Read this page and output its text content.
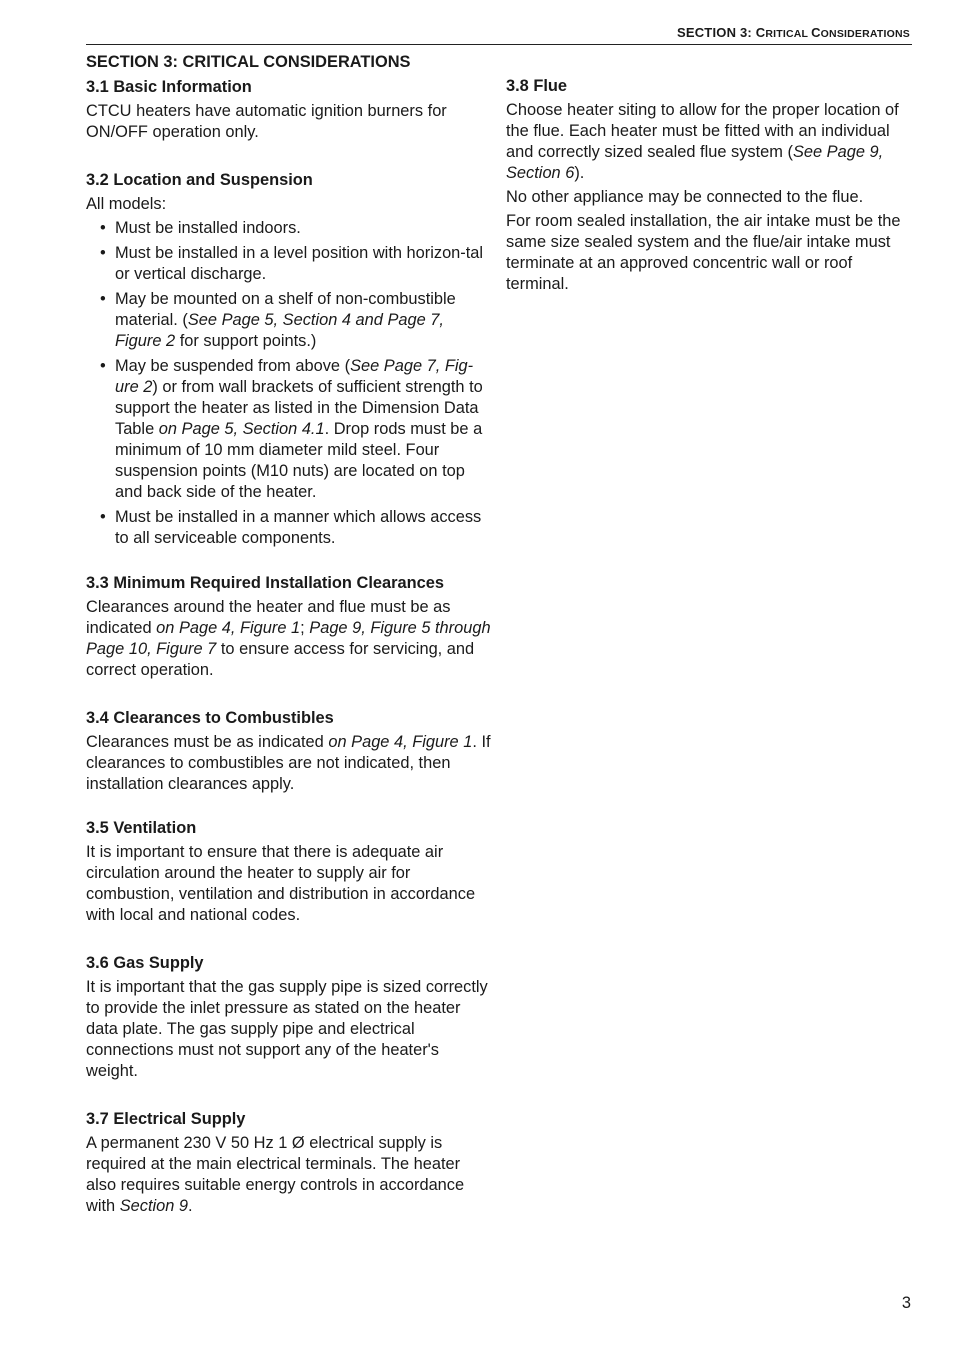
SECTION 3: CRITICAL CONSIDERATIONS
SECTION 3: CRITICAL CONSIDERATIONS
3.1 Basic Information

CTCU heaters have automatic ignition burners for ON/OFF operation only.

3.2 Location and Suspension

All models:

• Must be installed indoors.
• Must be installed in a level position with horizon-tal or vertical discharge.
• May be mounted on a shelf of non-combustible material. (See Page 5, Section 4 and Page 7, Figure 2 for support points.)
• May be suspended from above (See Page 7, Fig-ure 2) or from wall brackets of sufficient strength to support the heater as listed in the Dimension Data Table on Page 5, Section 4.1. Drop rods must be a minimum of 10 mm diameter mild steel. Four suspension points (M10 nuts) are located on top and back side of the heater.
• Must be installed in a manner which allows access to all serviceable components.
3.3 Minimum Required Installation Clearances

Clearances around the heater and flue must be as indicated on Page 4, Figure 1; Page 9, Figure 5 through Page 10, Figure 7 to ensure access for servicing, and correct operation.

3.4 Clearances to Combustibles

Clearances must be as indicated on Page 4, Figure 1. If clearances to combustibles are not indicated, then installation clearances apply.

3.5 Ventilation

It is important to ensure that there is adequate air circulation around the heater to supply air for combustion, ventilation and distribution in accordance with local and national codes.

3.6 Gas Supply

It is important that the gas supply pipe is sized correctly to provide the inlet pressure as stated on the heater data plate. The gas supply pipe and electrical connections must not support any of the heater's weight.

3.7 Electrical Supply

A permanent 230 V 50 Hz 1 Ø electrical supply is required at the main electrical terminals. The heater also requires suitable energy controls in accordance with Section 9.

3.8 Flue

Choose heater siting to allow for the proper location of the flue. Each heater must be fitted with an individual and correctly sized sealed flue system (See Page 9, Section 6).

No other appliance may be connected to the flue.

For room sealed installation, the air intake must be the same size sealed system and the flue/air intake must terminate at an approved concentric wall or roof terminal.

3
